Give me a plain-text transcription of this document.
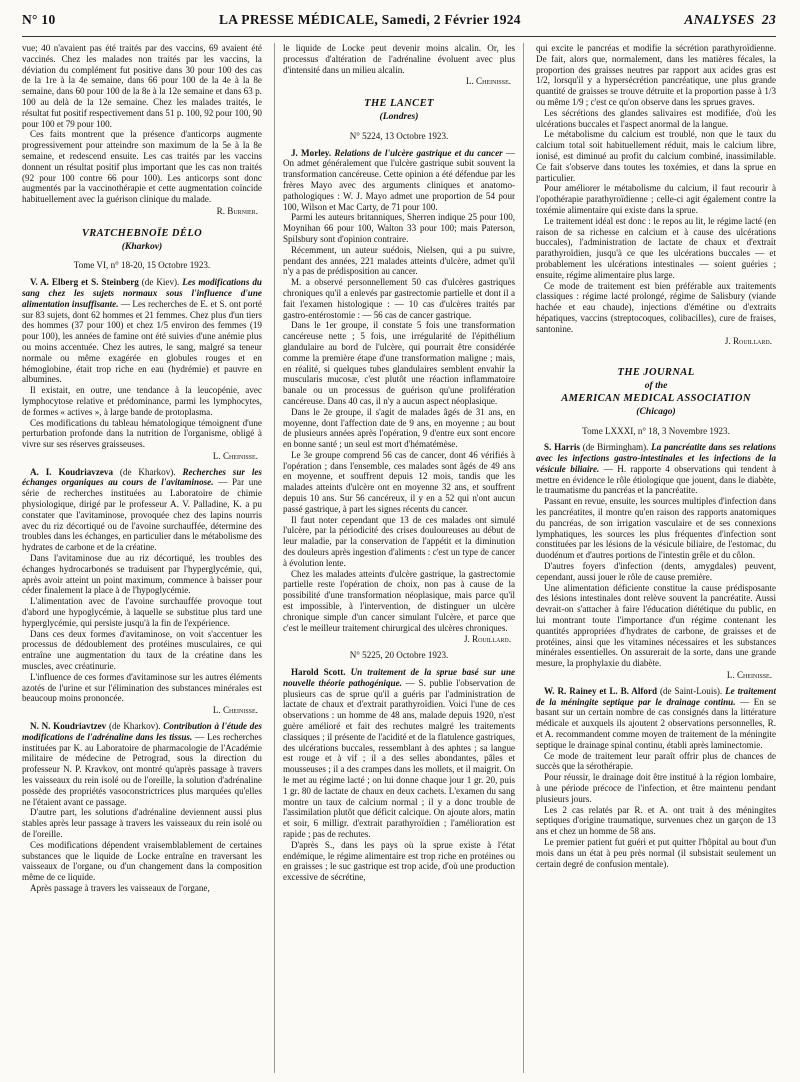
N° 10	LA PRESSE MÉDICALE, Samedi, 2 Février 1924	ANALYSES 23

vue; 40 n'avaient pas été traités par des vaccins, 69 avaient été vaccinés. Chez les malades non traités par les vaccins, la déviation du complément fut positive dans 30 pour 100 des cas de la 1re à la 4e semaine, dans 66 pour 100 de la 4e à la 8e semaine, dans 60 pour 100 de la 8e à la 12e semaine et dans 63 p. 100 au delà de la 12e semaine. Chez les malades traités, le résultat fut positif respectivement dans 51 p. 100, 92 pour 100, 90 pour 100 et 79 pour 100.

Ces faits montrent que la présence d'anticorps augmente progressivement pour atteindre son maximum de la 5e à la 8e semaine, et redescend ensuite. Les cas traités par les vaccins donnent un résultat positif plus important que les cas non traités (92 pour 100 contre 66 pour 100). Les anticorps sont donc augmentés par la vaccinothérapie et cette augmentation coïncide habituellement avec la guérison clinique du malade.

R. Burnier.
VRATCHEBNOÏE DÉLO
(Kharkov)
Tome VI, n° 18-20, 15 Octobre 1923.

V. A. Elberg et S. Steinberg (de Kiev). Les modifications du sang chez les sujets normaux sous l'influence d'une alimentation insuffisante. — Les recherches de E. et S. ont porté sur 83 sujets, dont 62 hommes et 21 femmes. Chez plus d'un tiers des hommes (37 pour 100) et chez 1/5 environ des femmes (19 pour 100), les années de famine ont été suivies d'une anémie plus ou moins accentuée. Chez les autres, le sang, malgré sa teneur normale ou même exagérée en globules rouges et en hémoglobine, était trop riche en eau (hydrémie) et pauvre en albumines.

Il existait, en outre, une tendance à la leucopénie, avec lymphocytose relative et prédominance, parmi les lymphocytes, de formes « actives », à large bande de protoplasma.

Ces modifications du tableau hématologique témoignent d'une perturbation profonde dans la nutrition de l'organisme, obligé à vivre sur ses réserves graisseuses.

L. Cheinisse.

A. I. Koudriavzeva (de Kharkov). Recherches sur les échanges organiques au cours de l'avitaminose. — Par une série de recherches instituées au Laboratoire de chimie physiologique, dirigé par le professeur A. V. Palladine, K. a pu constater que l'avitaminose, provoquée chez des lapins nourris avec du riz décortiqué ou de l'avoine surchauffée, détermine des troubles dans les échanges, en particulier dans le métabolisme des hydrates de carbone et de la créatine.

Dans l'avitaminose due au riz décortiqué, les troubles des échanges hydrocarbonés se traduisent par l'hyperglycémie, qui, après avoir atteint un point maximum, commence à baisser pour céder finalement la place à de l'hypoglycémie.

L'alimentation avec de l'avoine surchauffée provoque tout d'abord une hypoglycémie, à laquelle se substitue plus tard une hyperglycémie, qui persiste jusqu'à la fin de l'expérience.

Dans ces deux formes d'avitaminose, on voit s'accentuer les processus de dédoublement des protéines musculaires, ce qui entraîne une augmentation du taux de la créatine dans les muscles, avec créatinurie.

L'influence de ces formes d'avitaminose sur les autres éléments azotés de l'urine et sur l'élimination des substances minérales est beaucoup moins prononcée.

L. Cheinisse.

N. N. Koudriavtzev (de Kharkov). Contribution à l'étude des modifications de l'adrénaline dans les tissus. — Les recherches instituées par K. au Laboratoire de pharmacologie de l'Académie militaire de médecine de Petrograd, sous la direction du professeur N. P. Kravkov, ont montré qu'après passage à travers les vaisseaux du rein isolé ou de l'oreille, la solution d'adrénaline possède des propriétés vasoconstrictrices plus marquées qu'elles ne l'étaient avant ce passage.

D'autre part, les solutions d'adrénaline deviennent aussi plus stables après leur passage à travers les vaisseaux du rein isolé ou de l'oreille.

Ces modifications dépendent vraisemblablement de certaines substances que le liquide de Locke entraîne en traversant les vaisseaux de l'organe, ou d'un changement dans la composition même de ce liquide.

Après passage à travers les vaisseaux de l'organe,

le liquide de Locke peut devenir moins alcalin. Or, les processus d'altération de l'adrénaline évoluent avec plus d'intensité dans un milieu alcalin.

L. Cheinisse.
THE LANCET
(Londres)
N° 5224, 13 Octobre 1923.

J. Morley. Relations de l'ulcère gastrique et du cancer — On admet généralement que l'ulcère gastrique subit souvent la transformation cancéreuse. Cette opinion a été défendue par les frères Mayo avec des arguments cliniques et anatomo-pathologiques : W. J. Mayo admet une proportion de 54 pour 100, Wilson et Mac Carty, de 71 pour 100.

Parmi les auteurs britanniques, Sherren indique 25 pour 100, Moynihan 66 pour 100, Walton 33 pour 100; mais Paterson, Spilsbury sont d'opinion contraire.

Récemment, un auteur suédois, Nielsen, qui a pu suivre, pendant des années, 221 malades atteints d'ulcère, admet qu'il n'y a pas de prédisposition au cancer.

M. a observé personnellement 50 cas d'ulcères gastriques chroniques qu'il a enlevés par gastrectomie partielle et dont il a fait l'examen histologique : — 10 cas d'ulcères traités par gastro-entérostomie : — 56 cas de cancer gastrique.

Dans le 1er groupe, il constate 5 fois une transformation cancéreuse nette ; 5 fois, une irrégularité de l'épithélium glandulaire au bord de l'ulcère, qui pourrait être considérée comme la première étape d'une transformation maligne ; mais, en réalité, si quelques tubes glandulaires semblent envahir la muscularis mucosæ, c'est plutôt une réaction inflammatoire banale ou un processus de guérison qu'une prolifération cancéreuse. Dans 40 cas, il n'y a aucun aspect néoplasique.

Dans le 2e groupe, il s'agit de malades âgés de 31 ans, en moyenne, dont l'affection date de 9 ans, en moyenne ; au bout de plusieurs années après l'opération, 9 d'entre eux sont encore en bonne santé ; un seul est mort d'hématémèse.

Le 3e groupe comprend 56 cas de cancer, dont 46 vérifiés à l'opération ; dans l'ensemble, ces malades sont âgés de 49 ans en moyenne, et souffrent depuis 12 mois, tandis que les malades atteints d'ulcère ont en moyenne 32 ans, et souffrent depuis 10 ans. Sur 56 cancéreux, il y en a 52 qui n'ont aucun passé gastrique, à part les signes récents du cancer.

Il faut noter cependant que 13 de ces malades ont simulé l'ulcère, par la périodicité des crises douloureuses au début de leur maladie, par la conservation de l'appétit et la diminution des douleurs après ingestion d'aliments : c'est un type de cancer à évolution lente.

Chez les malades atteints d'ulcère gastrique, la gastrectomie partielle reste l'opération de choix, non pas à cause de la possibilité d'une transformation néoplasique, mais parce qu'il est impossible, à l'intervention, de distinguer un ulcère chronique simple d'un cancer simulant l'ulcère, et parce que c'est le meilleur traitement chirurgical des ulcères chroniques.

J. Rouillard.
N° 5225, 20 Octobre 1923.

Harold Scott. Un traitement de la sprue basé sur une nouvelle théorie pathogénique. — S. publie l'observation de plusieurs cas de sprue qu'il a guéris par l'administration de lactate de chaux et d'extrait parathyroïdien. Voici l'une de ces observations : un homme de 48 ans, malade depuis 1920, n'est guère amélioré et fait des rechutes malgré les traitements classiques ; il présente de l'acidité et de la flatulence gastriques, des ulcérations buccales, ressemblant à des aphtes ; sa langue est rouge et à vif ; il a des selles abondantes, pâles et mousseuses ; il a des crampes dans les mollets, et il maigrit. On le met au régime lacté ; on lui donne chaque jour 1 gr. 20, puis 1 gr. 80 de lactate de chaux en deux cachets. L'examen du sang montre un taux de calcium normal ; il y a donc trouble de l'assimilation plutôt que déficit calcique. On ajoute alors, matin et soir, 6 milligr. d'extrait parathyroïdien ; l'amélioration est rapide ; pas de rechutes.

D'après S., dans les pays où la sprue existe à l'état endémique, le régime alimentaire est trop riche en protéines ou en graisses ; le suc gastrique est trop acide, d'où une production excessive de sécrétine,

qui excite le pancréas et modifie la sécrétion parathyroïdienne. De fait, alors que, normalement, dans les matières fécales, la proportion des graisses neutres par rapport aux acides gras est 1/2, lorsqu'il y a hypersécrétion pancréatique, une plus grande quantité de graisses se trouve détruite et la proportion passe à 1/3 ou même 1/9 ; c'est ce qu'on observe dans les sprues graves.

Les sécrétions des glandes salivaires est modifiée, d'où les ulcérations buccales et l'aspect anormal de la langue.

Le métabolisme du calcium est troublé, non que le taux du calcium total soit habituellement réduit, mais le calcium libre, ionisé, est diminué au profit du calcium combiné, inassimilable. Ce fait s'observe dans toutes les toxémies, et dans la sprue en particulier.

Pour améliorer le métabolisme du calcium, il faut recourir à l'opothérapie parathyroïdienne ; celle-ci agit également contre la toxémie alimentaire qui existe dans la sprue.

Le traitement idéal est donc : le repos au lit, le régime lacté (en raison de sa richesse en calcium et à cause des ulcérations buccales), l'administration de lactate de chaux et d'extrait parathyroïdien, jusqu'à ce que les ulcérations buccales — et probablement les ulcérations intestinales — soient guéries ; ensuite, régime alimentaire plus large.

Ce mode de traitement est bien préférable aux traitements classiques : régime lacté prolongé, régime de Salisbury (viande hachée et eau chaude), injections d'émétine ou d'extraits hépatiques, vaccins (streptocoques, colibacilles), cure de fraises, santonine.

J. Rouillard.
THE JOURNAL
of the
AMERICAN MEDICAL ASSOCIATION
(Chicago)
Tome LXXXI, n° 18, 3 Novembre 1923.

S. Harris (de Birmingham). La pancréatite dans ses relations avec les infections gastro-intestinales et les infections de la vésicule biliaire. — H. rapporte 4 observations qui tendent à mettre en évidence le rôle étiologique que jouent, dans le diabète, le traumatisme du pancréas et la pancréatite.

Passant en revue, ensuite, les sources multiples d'infection dans les pancréatites, il montre qu'en raison des rapports anatomiques du pancréas, de son irrigation vasculaire et de ses connexions lymphatiques, les sources les plus fréquentes d'infection sont constituées par les lésions de la vésicule biliaire, de l'estomac, du duodénum et d'autres portions de l'intestin grêle et du côlon.

D'autres foyers d'infection (dents, amygdales) peuvent, cependant, aussi jouer le rôle de cause première.

Une alimentation déficiente constitue la cause prédisposante des lésions intestinales dont relève souvent la pancréatite. Aussi devrait-on s'attacher à faire l'éducation diététique du public, en lui montrant toute l'importance d'un régime contenant les quantités appropriées d'hydrates de carbone, de graisses et de protéines, ainsi que les vitamines nécessaires et les substances minérales essentielles. On assurerait de la sorte, dans une grande mesure, la prophylaxie du diabète.

L. Cheinisse.

W. R. Rainey et L. B. Alford (de Saint-Louis). Le traitement de la méningite septique par le drainage continu. — En se basant sur un certain nombre de cas consignés dans la littérature médicale et auxquels ils ajoutent 2 observations personnelles, R. et A. recommandent comme moyen de traitement de la méningite septique le drainage spinal continu, établi après laminectomie.

Ce mode de traitement leur paraît offrir plus de chances de succès que la sérothérapie.

Pour réussir, le drainage doit être institué à la région lombaire, à une période précoce de l'infection, et être maintenu pendant plusieurs jours.

Les 2 cas relatés par R. et A. ont trait à des méningites septiques d'origine traumatique, survenues chez un garçon de 13 ans et chez un homme de 58 ans.

Le premier patient fut guéri et put quitter l'hôpital au bout d'un mois dans un état à peu près normal (il subsistait seulement un certain degré de confusion mentale).
